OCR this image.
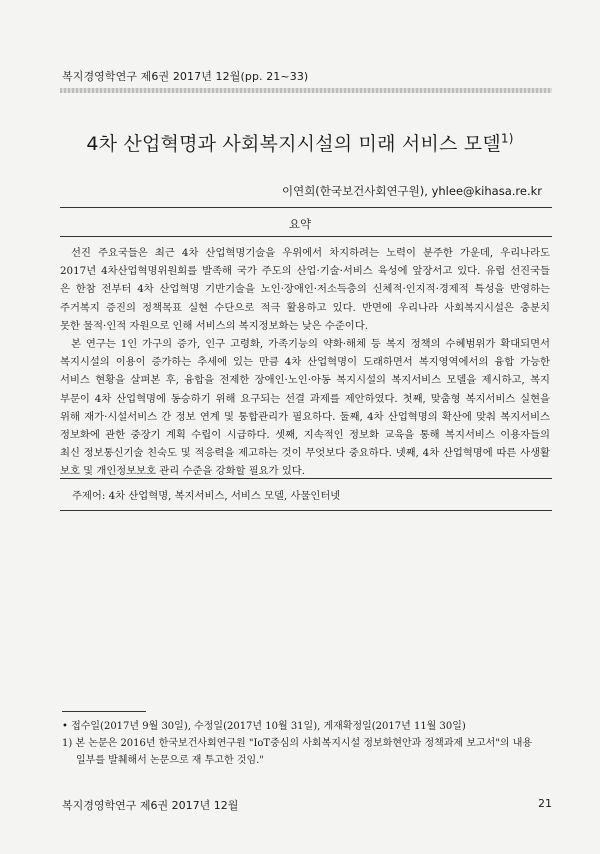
복지경영학연구 제6권 2017년 12월(pp. 21~33)
4차 산업혁명과 사회복지시설의 미래 서비스 모델$^{1)}$
이연희(한국보건사회연구원), yhlee@kihasa.re.kr
요약
선진 주요국들은 최근 4차 산업혁명기술을 우위에서 차지하려는 노력이 분주한 가운데, 우리나라도
2017년 4차산업혁명위원회를 발족해 국가 주도의 산업·기술·서비스 육성에 앞장서고 있다. 유럽 선진국들
은 한참 전부터 4차 산업혁명 기반기술을 노인·장애인·저소득층의 신체적·인지적·경제적 특성을 반영하는
주거복지 증진의 정책목표 실현 수단으로 적극 활용하고 있다. 반면에 우리나라 사회복지시설은 충분치
못한 물적·인적 자원으로 인해 서비스의 복지정보화는 낮은 수준이다.
본 연구는 1인 가구의 증가, 인구 고령화, 가족기능의 약화·해체 등 복지 정책의 수혜범위가 확대되면서
복지시설의 이용이 증가하는 추세에 있는 만큼 4차 산업혁명이 도래하면서 복지영역에서의 융합 가능한
서비스 현황을 살펴본 후, 융합을 전제한 장애인·노인·아동 복지시설의 복지서비스 모델을 제시하고, 복지
부문이 4차 산업혁명에 동승하기 위해 요구되는 선결 과제를 제안하였다. 첫째, 맞춤형 복지서비스 실현을
위해 재가·시설서비스 간 정보 연계 및 통합관리가 필요하다. 둘째, 4차 산업혁명의 확산에 맞춰 복지서비스
정보화에 관한 중장기 계획 수립이 시급하다. 셋째, 지속적인 정보화 교육을 통해 복지서비스 이용자들의
최신 정보통신기술 친숙도 및 적응력을 제고하는 것이 무엇보다 중요하다. 넷째, 4차 산업혁명에 따른 사생활
보호 및 개인정보보호 관리 수준을 강화할 필요가 있다.
주제어: 4차 산업혁명, 복지서비스, 서비스 모델, 사물인터넷
• 접수일(2017년 9월 30일), 수정일(2017년 10월 31일), 게재확정일(2017년 11월 30일)
1) 본 논문은 2016년 한국보건사회연구원 "IoT중심의 사회복지시설 정보화현안과 정책과제 보고서"의 내용
일부를 발췌해서 논문으로 재 투고한 것임."
복지경영학연구 제6권 2017년 12월	21
